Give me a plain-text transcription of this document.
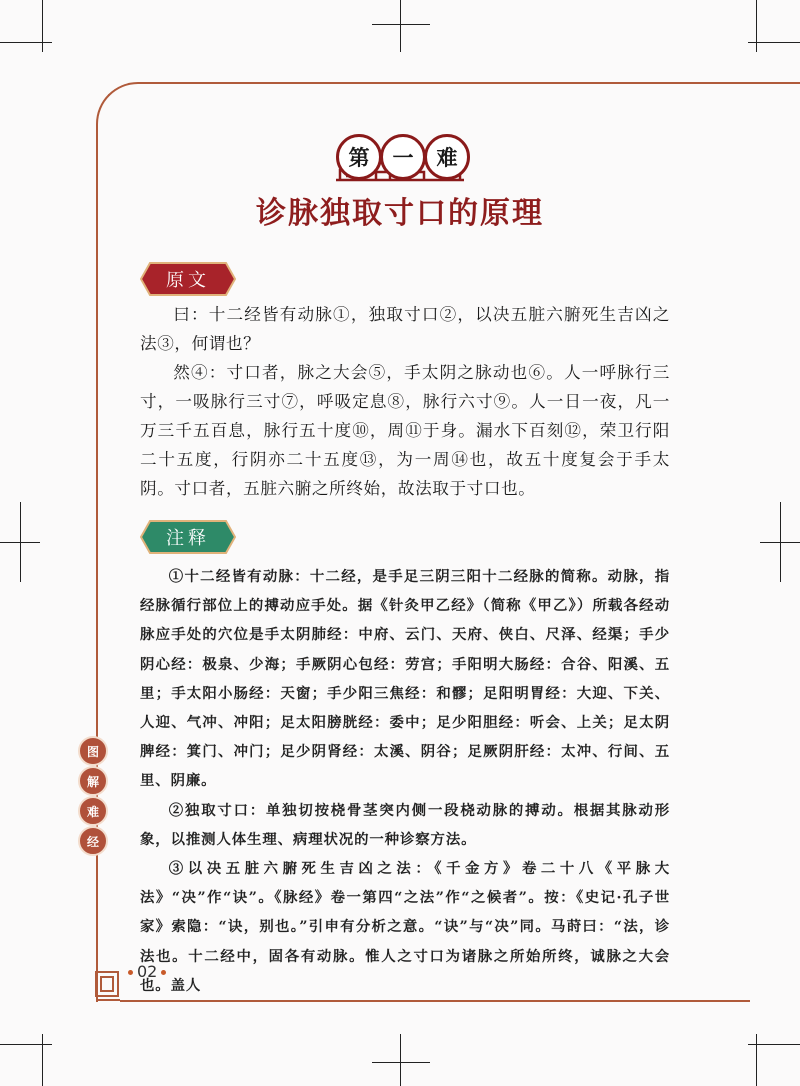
第	一	难
诊脉独取寸口的原理
原文

曰：十二经皆有动脉①，独取寸口②，以决五脏六腑死生吉凶之法③，何谓也？

然④：寸口者，脉之大会⑤，手太阴之脉动也⑥。人一呼脉行三寸，一吸脉行三寸⑦，呼吸定息⑧，脉行六寸⑨。人一日一夜，凡一万三千五百息，脉行五十度⑩，周⑪于身。漏水下百刻⑫，荣卫行阳二十五度，行阴亦二十五度⑬，为一周⑭也，故五十度复会于手太阴。寸口者，五脏六腑之所终始，故法取于寸口也。

注释

①十二经皆有动脉：十二经，是手足三阴三阳十二经脉的简称。动脉，指经脉循行部位上的搏动应手处。据《针灸甲乙经》（简称《甲乙》）所载各经动脉应手处的穴位是手太阴肺经：中府、云门、天府、侠白、尺泽、经渠；手少阴心经：极泉、少海；手厥阴心包经：劳宫；手阳明大肠经：合谷、阳溪、五里；手太阳小肠经：天窗；手少阳三焦经：和髎；足阳明胃经：大迎、下关、人迎、气冲、冲阳；足太阳膀胱经：委中；足少阳胆经：听会、上关；足太阴脾经：箕门、冲门；足少阴肾经：太溪、阴谷；足厥阴肝经：太冲、行间、五里、阴廉。

②独取寸口：单独切按桡骨茎突内侧一段桡动脉的搏动。根据其脉动形象，以推测人体生理、病理状况的一种诊察方法。

③以决五脏六腑死生吉凶之法：《千金方》卷二十八《平脉大法》“决”作“诀”。《脉经》卷一第四“之法”作“之候者”。按：《史记·孔子世家》索隐：“诀，别也。”引申有分析之意。“诀”与“决”同。马莳曰：“法，诊法也。十二经中，固各有动脉。惟人之寸口为诸脉之所始所终，诚脉之大会也。盖人

图
解
难
经
02
